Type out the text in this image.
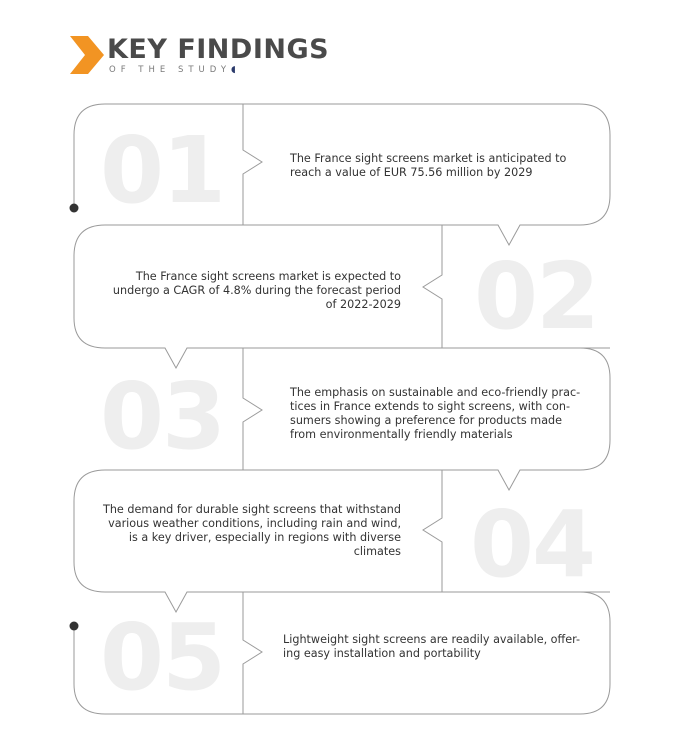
KEY FINDINGS
OF THE STUDY◖
01	The France sight screens market is anticipated to reach a value of EUR 75.56 million by 2029
02
The France sight screens market is expected to undergo a CAGR of 4.8% during the forecast period of 2022-2029
03	The emphasis on sustainable and eco-friendly prac-tices in France extends to sight screens, with con-sumers showing a preference for products made from environmentally friendly materials
04
The demand for durable sight screens that withstand various weather conditions, including rain and wind, is a key driver, especially in regions with diverse climates
05	Lightweight sight screens are readily available, offer-ing easy installation and portability
